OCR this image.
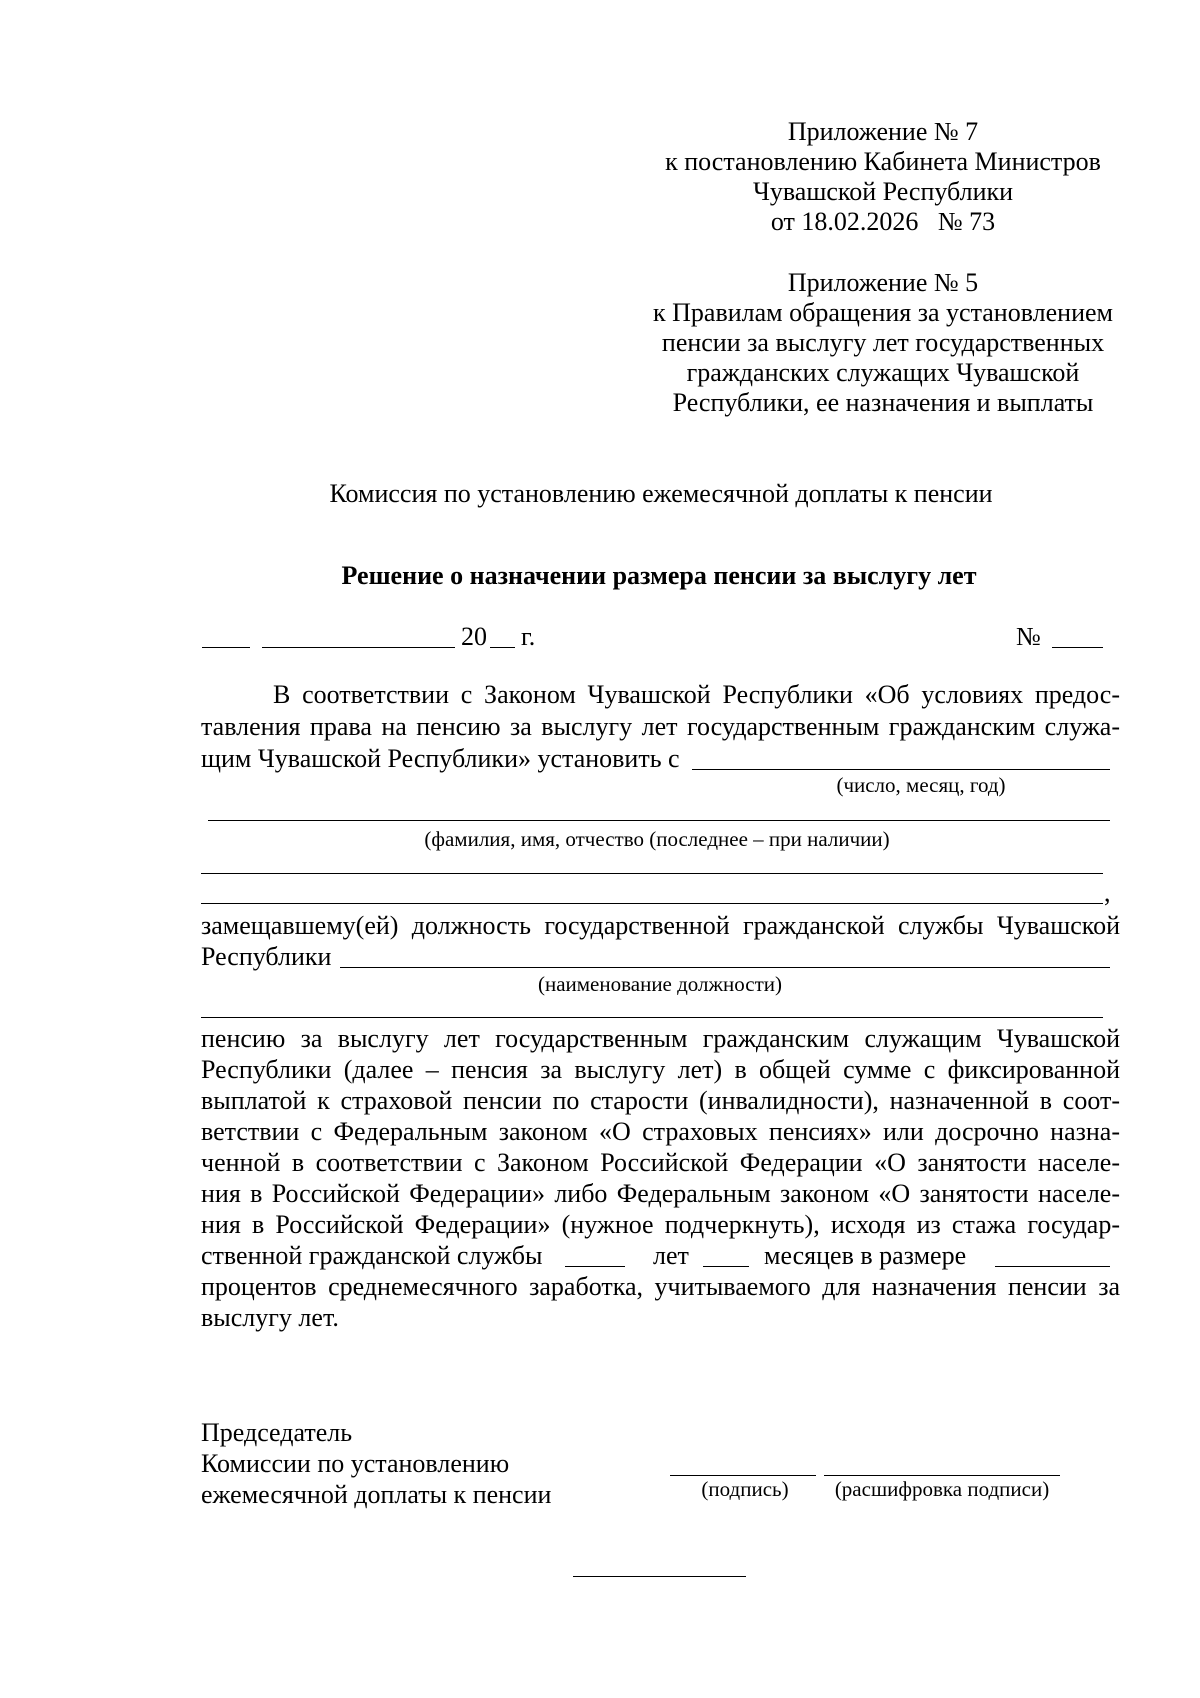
Приложение № 7
к постановлению Кабинета Министров
Чувашской Республики
от 18.02.2026   № 73
Приложение № 5
к Правилам обращения за установлением
пенсии за выслугу лет государственных
гражданских служащих Чувашской
Республики, ее назначения и выплаты
Комиссия по установлению ежемесячной доплаты к пенсии
Решение о назначении размера пенсии за выслугу лет
20 г.	№
В соответствии с Законом Чувашской Республики «Об условиях предос-
тавления права на пенсию за выслугу лет государственным гражданским служа-
щим Чувашской Республики» установить с
(число, месяц, год)
(фамилия, имя, отчество (последнее – при наличии)
,
замещавшему(ей) должность государственной гражданской службы Чувашской
Республики
(наименование должности)
пенсию за выслугу лет государственным гражданским служащим Чувашской
Республики (далее – пенсия за выслугу лет) в общей сумме с фиксированной
выплатой к страховой пенсии по старости (инвалидности), назначенной в соот-
ветствии с Федеральным законом «О страховых пенсиях» или досрочно назна-
ченной в соответствии с Законом Российской Федерации «О занятости населе-
ния в Российской Федерации» либо Федеральным законом «О занятости населе-
ния в Российской Федерации» (нужное подчеркнуть), исходя из стажа государ-
ственной гражданской службы	лет	месяцев в размере
процентов среднемесячного заработка, учитываемого для назначения пенсии за
выслугу лет.
Председатель
Комиссии по установлению
ежемесячной доплаты к пенсии	(подпись) (расшифровка подписи)
